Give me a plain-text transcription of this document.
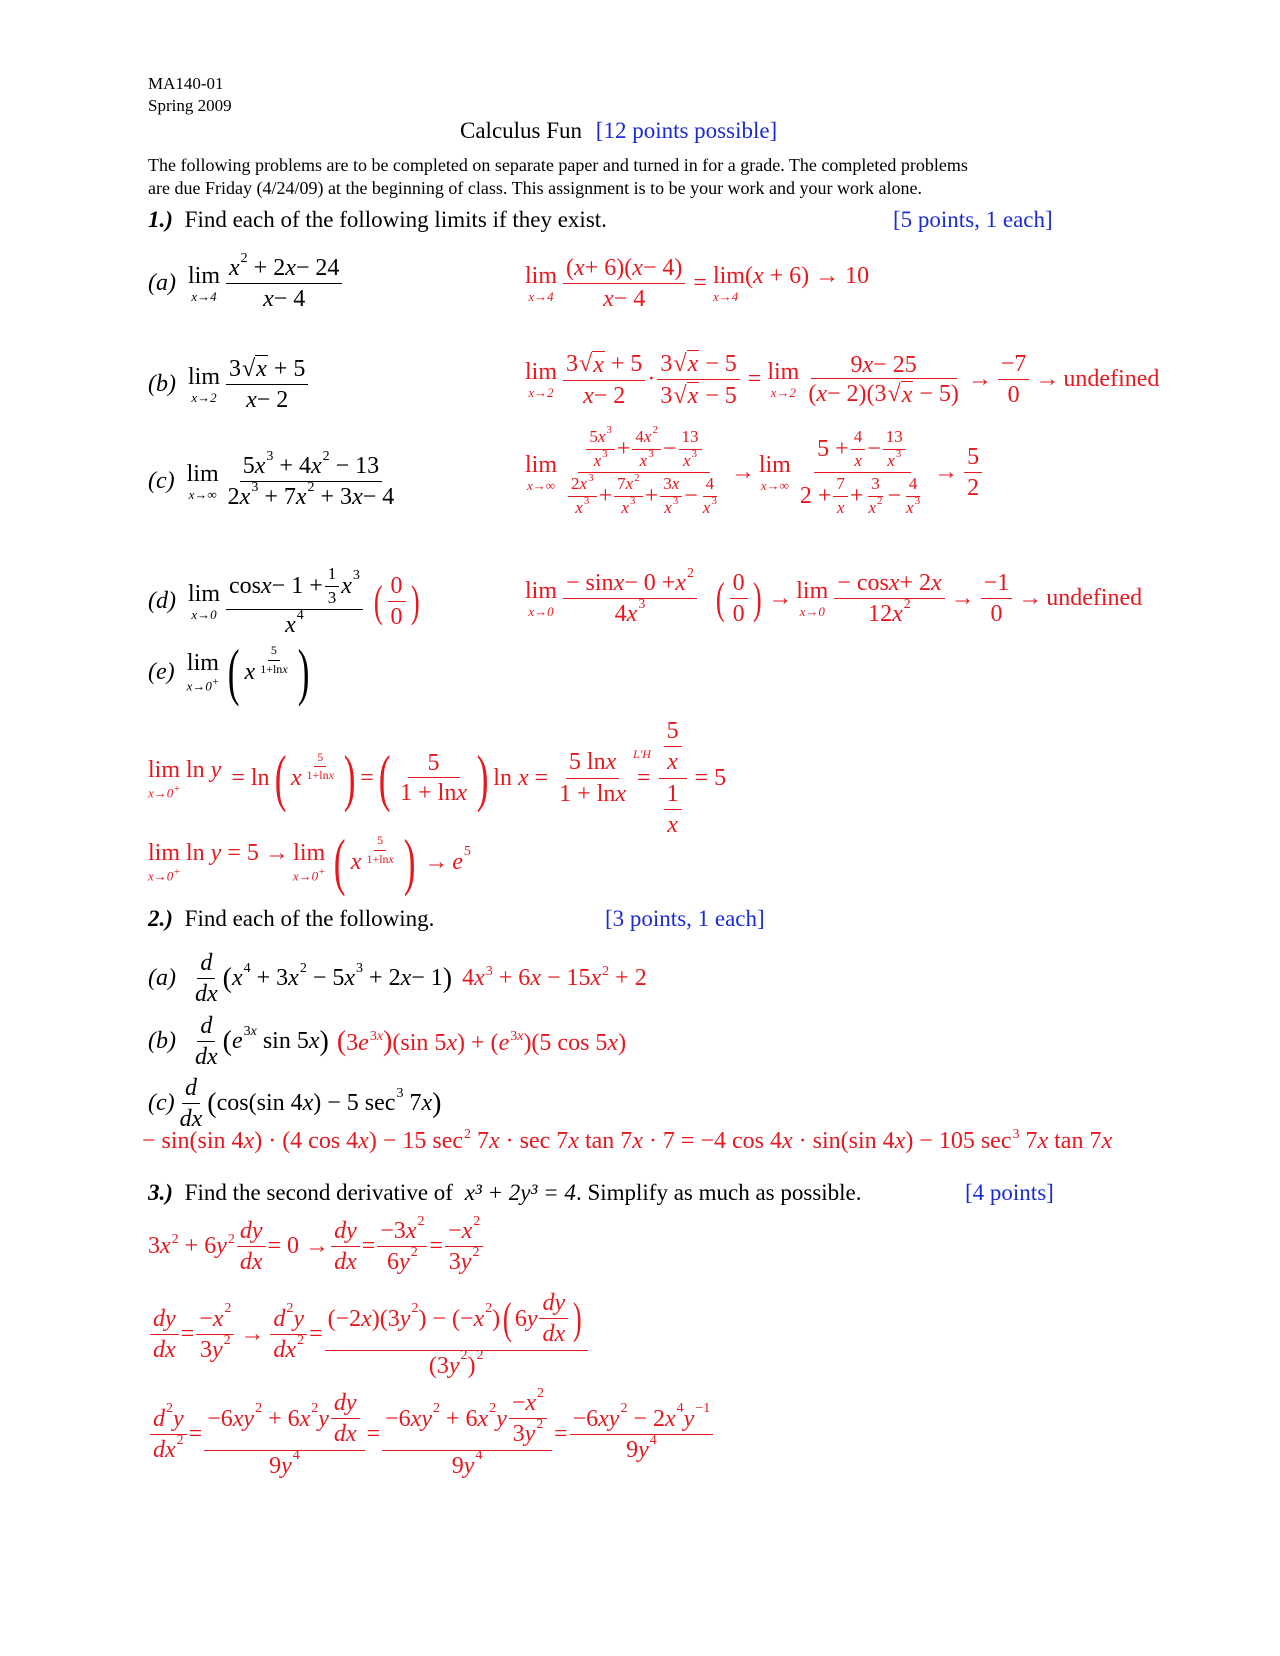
MA140-01
Spring 2009
Calculus Fun [12 points possible]
The following problems are to be completed on separate paper and turned in for a grade. The completed problems
are due Friday (4/24/09) at the beginning of class. This assignment is to be your work and your work alone.
1.) Find each of the following limits if they exist.	[5 points, 1 each]
(a) lim
$x\to 4 \frac{x 2 + 2 x - 24}{x - 4}$	lim
$x\to 4 \frac{( x + 6)( x - 4)}{x - 4} = \lim(x + 6) \to 10$
x→4
(b) lim
$x\to 2 \frac{3 √ x + 5}{x - 2}$	lim
$x\to 2 \frac{3 √ x + 5}{x - 2} \cdot \frac{3 √ x - 5}{3 √ x - 5} = \lim$
$x\to 2 \frac{9 x - 25}{( x - 2)(3 √ x - 5)} \to \frac{-7}{0}$ → undefined
(c) lim
$x\to\infty \frac{5 x 3 + 4 x 2 - 13}{2 x 3 + 7 x 2 + 3 x - 4}$	lim
$x\to\infty \frac{\frac{5 x 3}{x 3} + \frac{4 x 2}{x 3} - \frac{13}{x 3}}{\frac{2 x 3}{x 3} + \frac{7 x 2}{x 3} + \frac{3 x}{x 3} - \frac{4}{x 3}} \to \lim$
$x\to\infty \frac{5 + \frac{4}{x} - \frac{13}{x 3}}{2 + \frac{7}{x} + \frac{3}{x 2} - \frac{4}{x 3}} \to \frac{5}{2}$
(d) lim
$x\to 0 \frac{\cos x - 1 + \frac{1}{3} x 3}{x 4}$ ( $\frac{0}{0}$ )	lim
$x\to 0 \frac{\text{− sin x − 0 + x 2}}{4 x 3}$ ( $\frac{0}{0}$ ) → lim
$x\to 0 \frac{\text{− cos x + 2 x}}{12 x 2} \to \frac{-1}{0}$ → undefined
(e) lim
x→0+ ( x $\frac{5}{\text{1+ln x}}$ )
lim ln y
x→0+ = ln ( x $\frac{5}{\text{1+ln x}}$ ) = ( $\frac{5}{\text{1 + ln x}}$ ) $\ln x = \frac{\text{5 ln x}}{\text{1 + ln x}} L'H$
= $\frac{\frac{5}{x}}{\frac{1}{x}} = 5$
lim ln y = 5 →
x→0+
lim
x→0+ ( x $\frac{5}{\text{1+ln x}}$ ) → e 5
2.) Find each of the following.	[3 points, 1 each]
$(a) \frac{d}{dx}$ ( x 4 + 3 x 2 − 5 x 3 + 2 x − 1 ) $4x^3 + 6x - 15x^2 + 2$
$(b) \frac{d}{dx}$ ( e 3x sin 5 x ) $(3e^{3x})(\sin$ $5x) + (e^{3x})(5$ cos 5x)
$(c) \frac{d}{dx}$ ( cos(sin 4 x ) − 5 sec 3 7 x )
− sin(sin 4x) · (4 cos 4x) − 15 $\sec^2 7x \cdot \sec 7x$ tan 7x · 7 = −4 cos 4x · sin(sin 4x) − 105 $\sec^3 7x$ tan 7x
3.) Find the second derivative of x³ + 2y³ = 4. Simplify as much as possible.	[4 points]
$3x^2 + 6y^2 \frac{dy}{dx} = 0 \to \frac{dy}{dx} = \frac{-3 x 2}{6 y 2} = \frac{- x 2}{3 y 2}$
$\frac{dy}{dx} = \frac{- x 2}{3 y 2} \to \frac{d 2 y}{dx 2} = \frac{(-2 x )(3 y 2 ) - (- x 2 ) ( 6 y \frac{dy}{dx} )}{(3 y 2 ) 2}$
$\frac{d 2 y}{dx 2} = \frac{-6 xy 2 + 6 x 2 y \frac{dy}{dx}}{9 y 4} = \frac{-6 xy 2 + 6 x 2 y \frac{- x 2}{3 y 2}}{9 y 4} = \frac{-6 xy 2 - 2 x 4 y -1}{9 y 4}$
